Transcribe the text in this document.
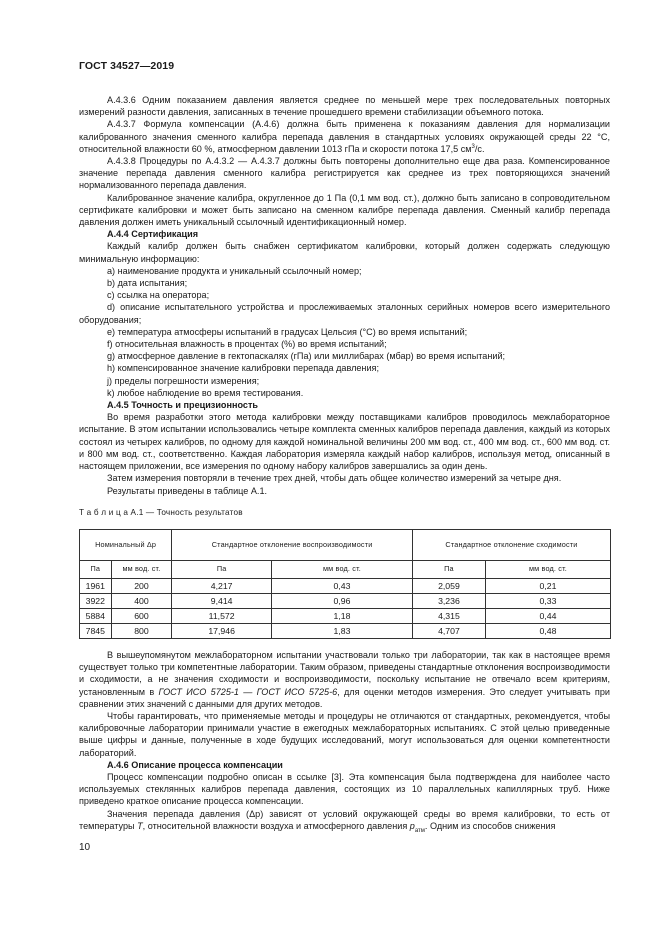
ГОСТ 34527—2019

А.4.3.6 Одним показанием давления является среднее по меньшей мере трех последовательных повторных измерений разности давления, записанных в течение прошедшего времени стабилизации объемного потока.

А.4.3.7 Формула компенсации (А.4.6) должна быть применена к показаниям давления для нормализации калиброванного значения сменного калибра перепада давления в стандартных условиях окружающей среды 22 °С, относительной влажности 60 %, атмосферном давлении 1013 гПа и скорости потока 17,5 $см^3/с$.

А.4.3.8 Процедуры по А.4.3.2 — А.4.3.7 должны быть повторены дополнительно еще два раза. Компенсированное значение перепада давления сменного калибра регистрируется как среднее из трех повторяющихся значений нормализованного перепада давления.

Калиброванное значение калибра, округленное до 1 Па (0,1 мм вод. ст.), должно быть записано в сопроводительном сертификате калибровки и может быть записано на сменном калибре перепада давления. Сменный калибр перепада давления должен иметь уникальный ссылочный идентификационный номер.

А.4.4 Сертификация

Каждый калибр должен быть снабжен сертификатом калибровки, который должен содержать следующую минимальную информацию:

a) наименование продукта и уникальный ссылочный номер;

b) дата испытания;

c) ссылка на оператора;

d) описание испытательного устройства и прослеживаемых эталонных серийных номеров всего измерительного оборудования;

e) температура атмосферы испытаний в градусах Цельсия (°С) во время испытаний;

f) относительная влажность в процентах (%) во время испытаний;

g) атмосферное давление в гектопаскалях (гПа) или миллибарах (мбар) во время испытаний;

h) компенсированное значение калибровки перепада давления;

j) пределы погрешности измерения;

k) любое наблюдение во время тестирования.

А.4.5 Точность и прецизионность

Во время разработки этого метода калибровки между поставщиками калибров проводилось межлабораторное испытание. В этом испытании использовались четыре комплекта сменных калибров перепада давления, каждый из которых состоял из четырех калибров, по одному для каждой номинальной величины 200 мм вод. ст., 400 мм вод. ст., 600 мм вод. ст. и 800 мм вод. ст., соответственно. Каждая лаборатория измеряла каждый набор калибров, используя метод, описанный в настоящем приложении, все измерения по одному набору калибров завершались за один день.

Затем измерения повторяли в течение трех дней, чтобы дать общее количество измерений за четыре дня.

Результаты приведены в таблице А.1.

Т а б л и ц а А.1 — Точность результатов
Номинальный Δp		Стандартное отклонение воспроизводимости		Стандартное отклонение сходимости	
Па	мм вод. ст.	Па	мм вод. ст.	Па	мм вод. ст.
1961	200	4,217	0,43	2,059	0,21
3922	400	9,414	0,96	3,236	0,33
5884	600	11,572	1,18	4,315	0,44
7845	800	17,946	1,83	4,707	0,48

В вышеупомянутом межлабораторном испытании участвовали только три лаборатории, так как в настоящее время существует только три компетентные лаборатории. Таким образом, приведены стандартные отклонения воспроизводимости и сходимости, а не значения сходимости и воспроизводимости, поскольку испытание не отвечало всем критериям, установленным в ГОСТ ИСО 5725-1 — ГОСТ ИСО 5725-6, для оценки методов измерения. Это следует учитывать при сравнении этих значений с данными для других методов.

Чтобы гарантировать, что применяемые методы и процедуры не отличаются от стандартных, рекомендуется, чтобы калибровочные лаборатории принимали участие в ежегодных межлабораторных испытаниях. С этой целью приведенные выше цифры и данные, полученные в ходе будущих исследований, могут использоваться для оценки компетентности лабораторий.

А.4.6 Описание процесса компенсации

Процесс компенсации подробно описан в ссылке [3]. Эта компенсация была подтверждена для наиболее часто используемых стеклянных калибров перепада давления, состоящих из 10 параллельных капиллярных труб. Ниже приведено краткое описание процесса компенсации.

Значения перепада давления (Δp) зависят от условий окружающей среды во время калибровки, то есть от температуры T, относительной влажности воздуха и атмосферного давления $p_{атм}$. Одним из способов снижения

10
